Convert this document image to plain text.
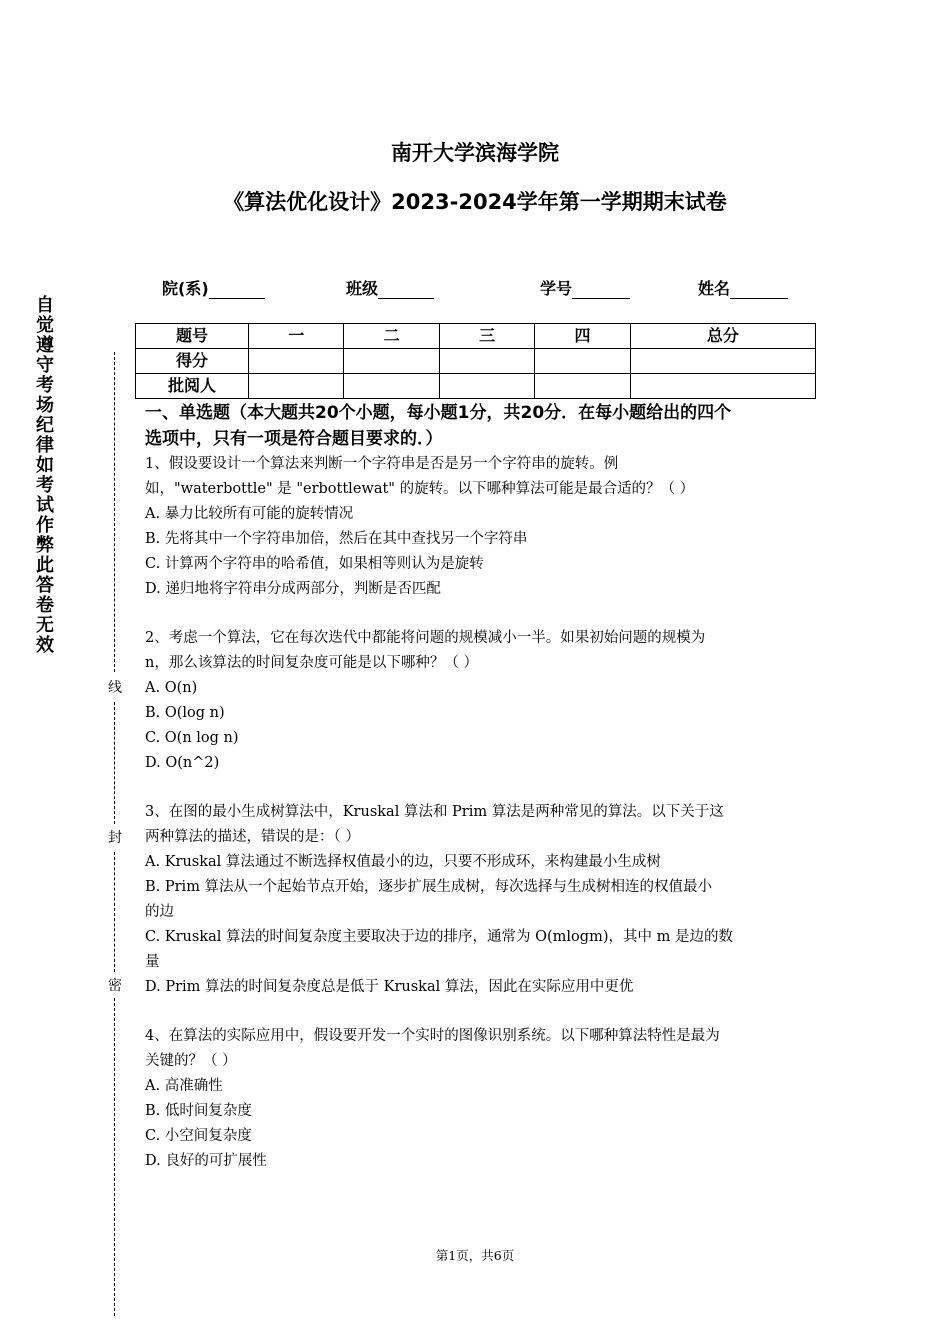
南开大学滨海学院
《算法优化设计》2023-2024学年第一学期期末试卷
院(系)	班级	学号	姓名
题号	一	二	三	四	总分
得分					
批阅人					
自觉遵守考场纪律如考试作弊此答卷无效
线
封
密
一、单选题（本大题共20个小题，每小题1分，共20分．在每小题给出的四个
选项中，只有一项是符合题目要求的．）
1、假设要设计一个算法来判断一个字符串是否是另一个字符串的旋转。例
如，"waterbottle" 是 "erbottlewat" 的旋转。以下哪种算法可能是最合适的？（ ）
A. 暴力比较所有可能的旋转情况
B. 先将其中一个字符串加倍，然后在其中查找另一个字符串
C. 计算两个字符串的哈希值，如果相等则认为是旋转
D. 递归地将字符串分成两部分，判断是否匹配
2、考虑一个算法，它在每次迭代中都能将问题的规模减小一半。如果初始问题的规模为
n，那么该算法的时间复杂度可能是以下哪种？（ ）
A. O(n)
B. O(log n)
C. O(n log n)
D. O(n^2)
3、在图的最小生成树算法中，Kruskal 算法和 Prim 算法是两种常见的算法。以下关于这
两种算法的描述，错误的是：（ ）
A. Kruskal 算法通过不断选择权值最小的边，只要不形成环，来构建最小生成树
B. Prim 算法从一个起始节点开始，逐步扩展生成树，每次选择与生成树相连的权值最小
的边
C. Kruskal 算法的时间复杂度主要取决于边的排序，通常为 O(mlogm)，其中 m 是边的数
量
D. Prim 算法的时间复杂度总是低于 Kruskal 算法，因此在实际应用中更优
4、在算法的实际应用中，假设要开发一个实时的图像识别系统。以下哪种算法特性是最为
关键的？（ ）
A. 高准确性
B. 低时间复杂度
C. 小空间复杂度
D. 良好的可扩展性
第1页，共6页
